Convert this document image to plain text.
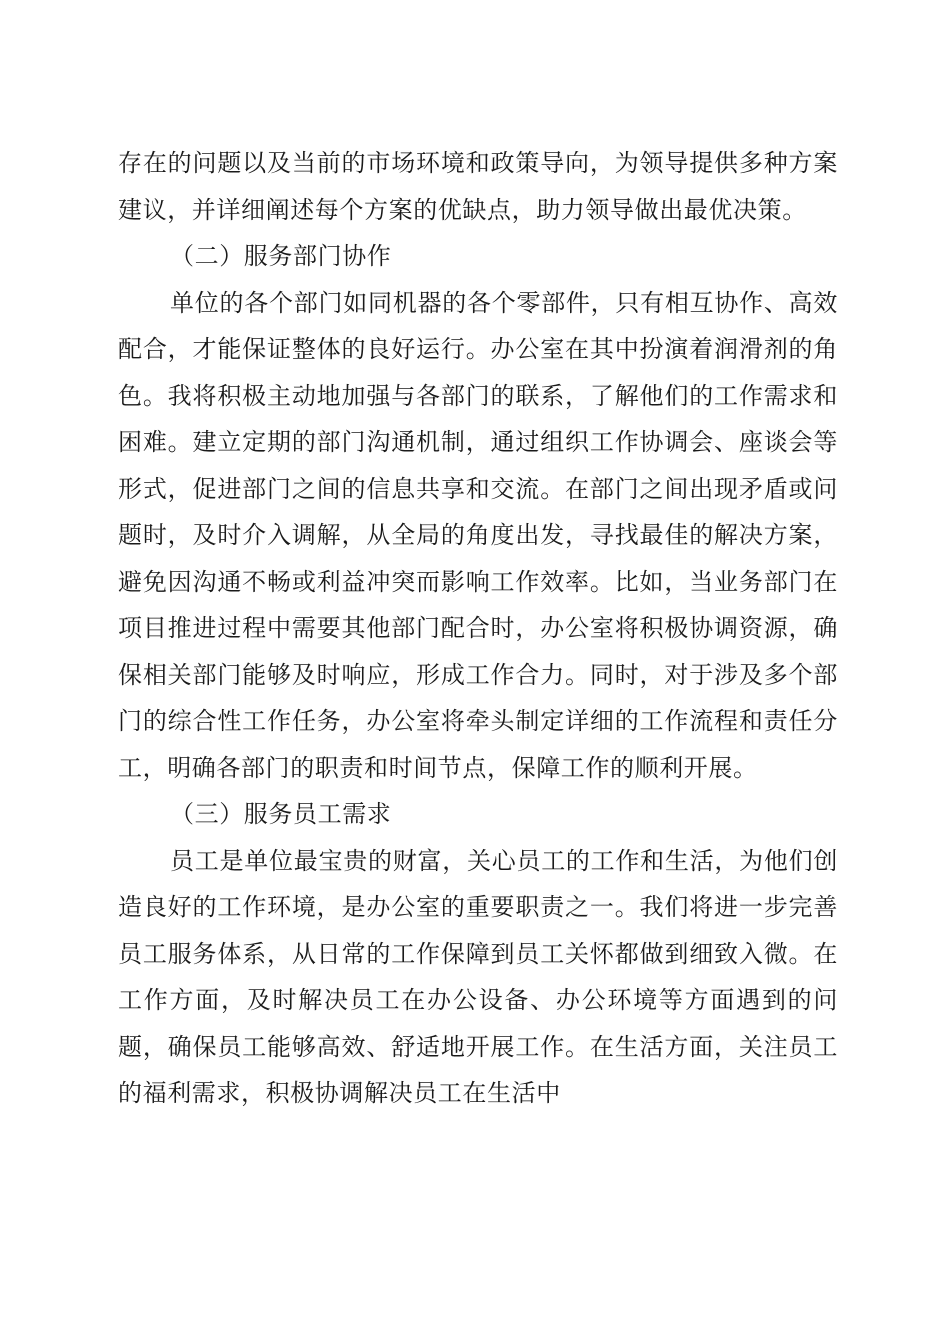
存在的问题以及当前的市场环境和政策导向，为领导提供多种方案建议，并详细阐述每个方案的优缺点，助力领导做出最优决策。

（二）服务部门协作

单位的各个部门如同机器的各个零部件，只有相互协作、高效配合，才能保证整体的良好运行。办公室在其中扮演着润滑剂的角色。我将积极主动地加强与各部门的联系，了解他们的工作需求和困难。建立定期的部门沟通机制，通过组织工作协调会、座谈会等形式，促进部门之间的信息共享和交流。在部门之间出现矛盾或问题时，及时介入调解，从全局的角度出发，寻找最佳的解决方案，避免因沟通不畅或利益冲突而影响工作效率。比如，当业务部门在项目推进过程中需要其他部门配合时，办公室将积极协调资源，确保相关部门能够及时响应，形成工作合力。同时，对于涉及多个部门的综合性工作任务，办公室将牵头制定详细的工作流程和责任分工，明确各部门的职责和时间节点，保障工作的顺利开展。

（三）服务员工需求

员工是单位最宝贵的财富，关心员工的工作和生活，为他们创造良好的工作环境，是办公室的重要职责之一。我们将进一步完善员工服务体系，从日常的工作保障到员工关怀都做到细致入微。在工作方面，及时解决员工在办公设备、办公环境等方面遇到的问题，确保员工能够高效、舒适地开展工作。在生活方面，关注员工的福利需求，积极协调解决员工在生活中
